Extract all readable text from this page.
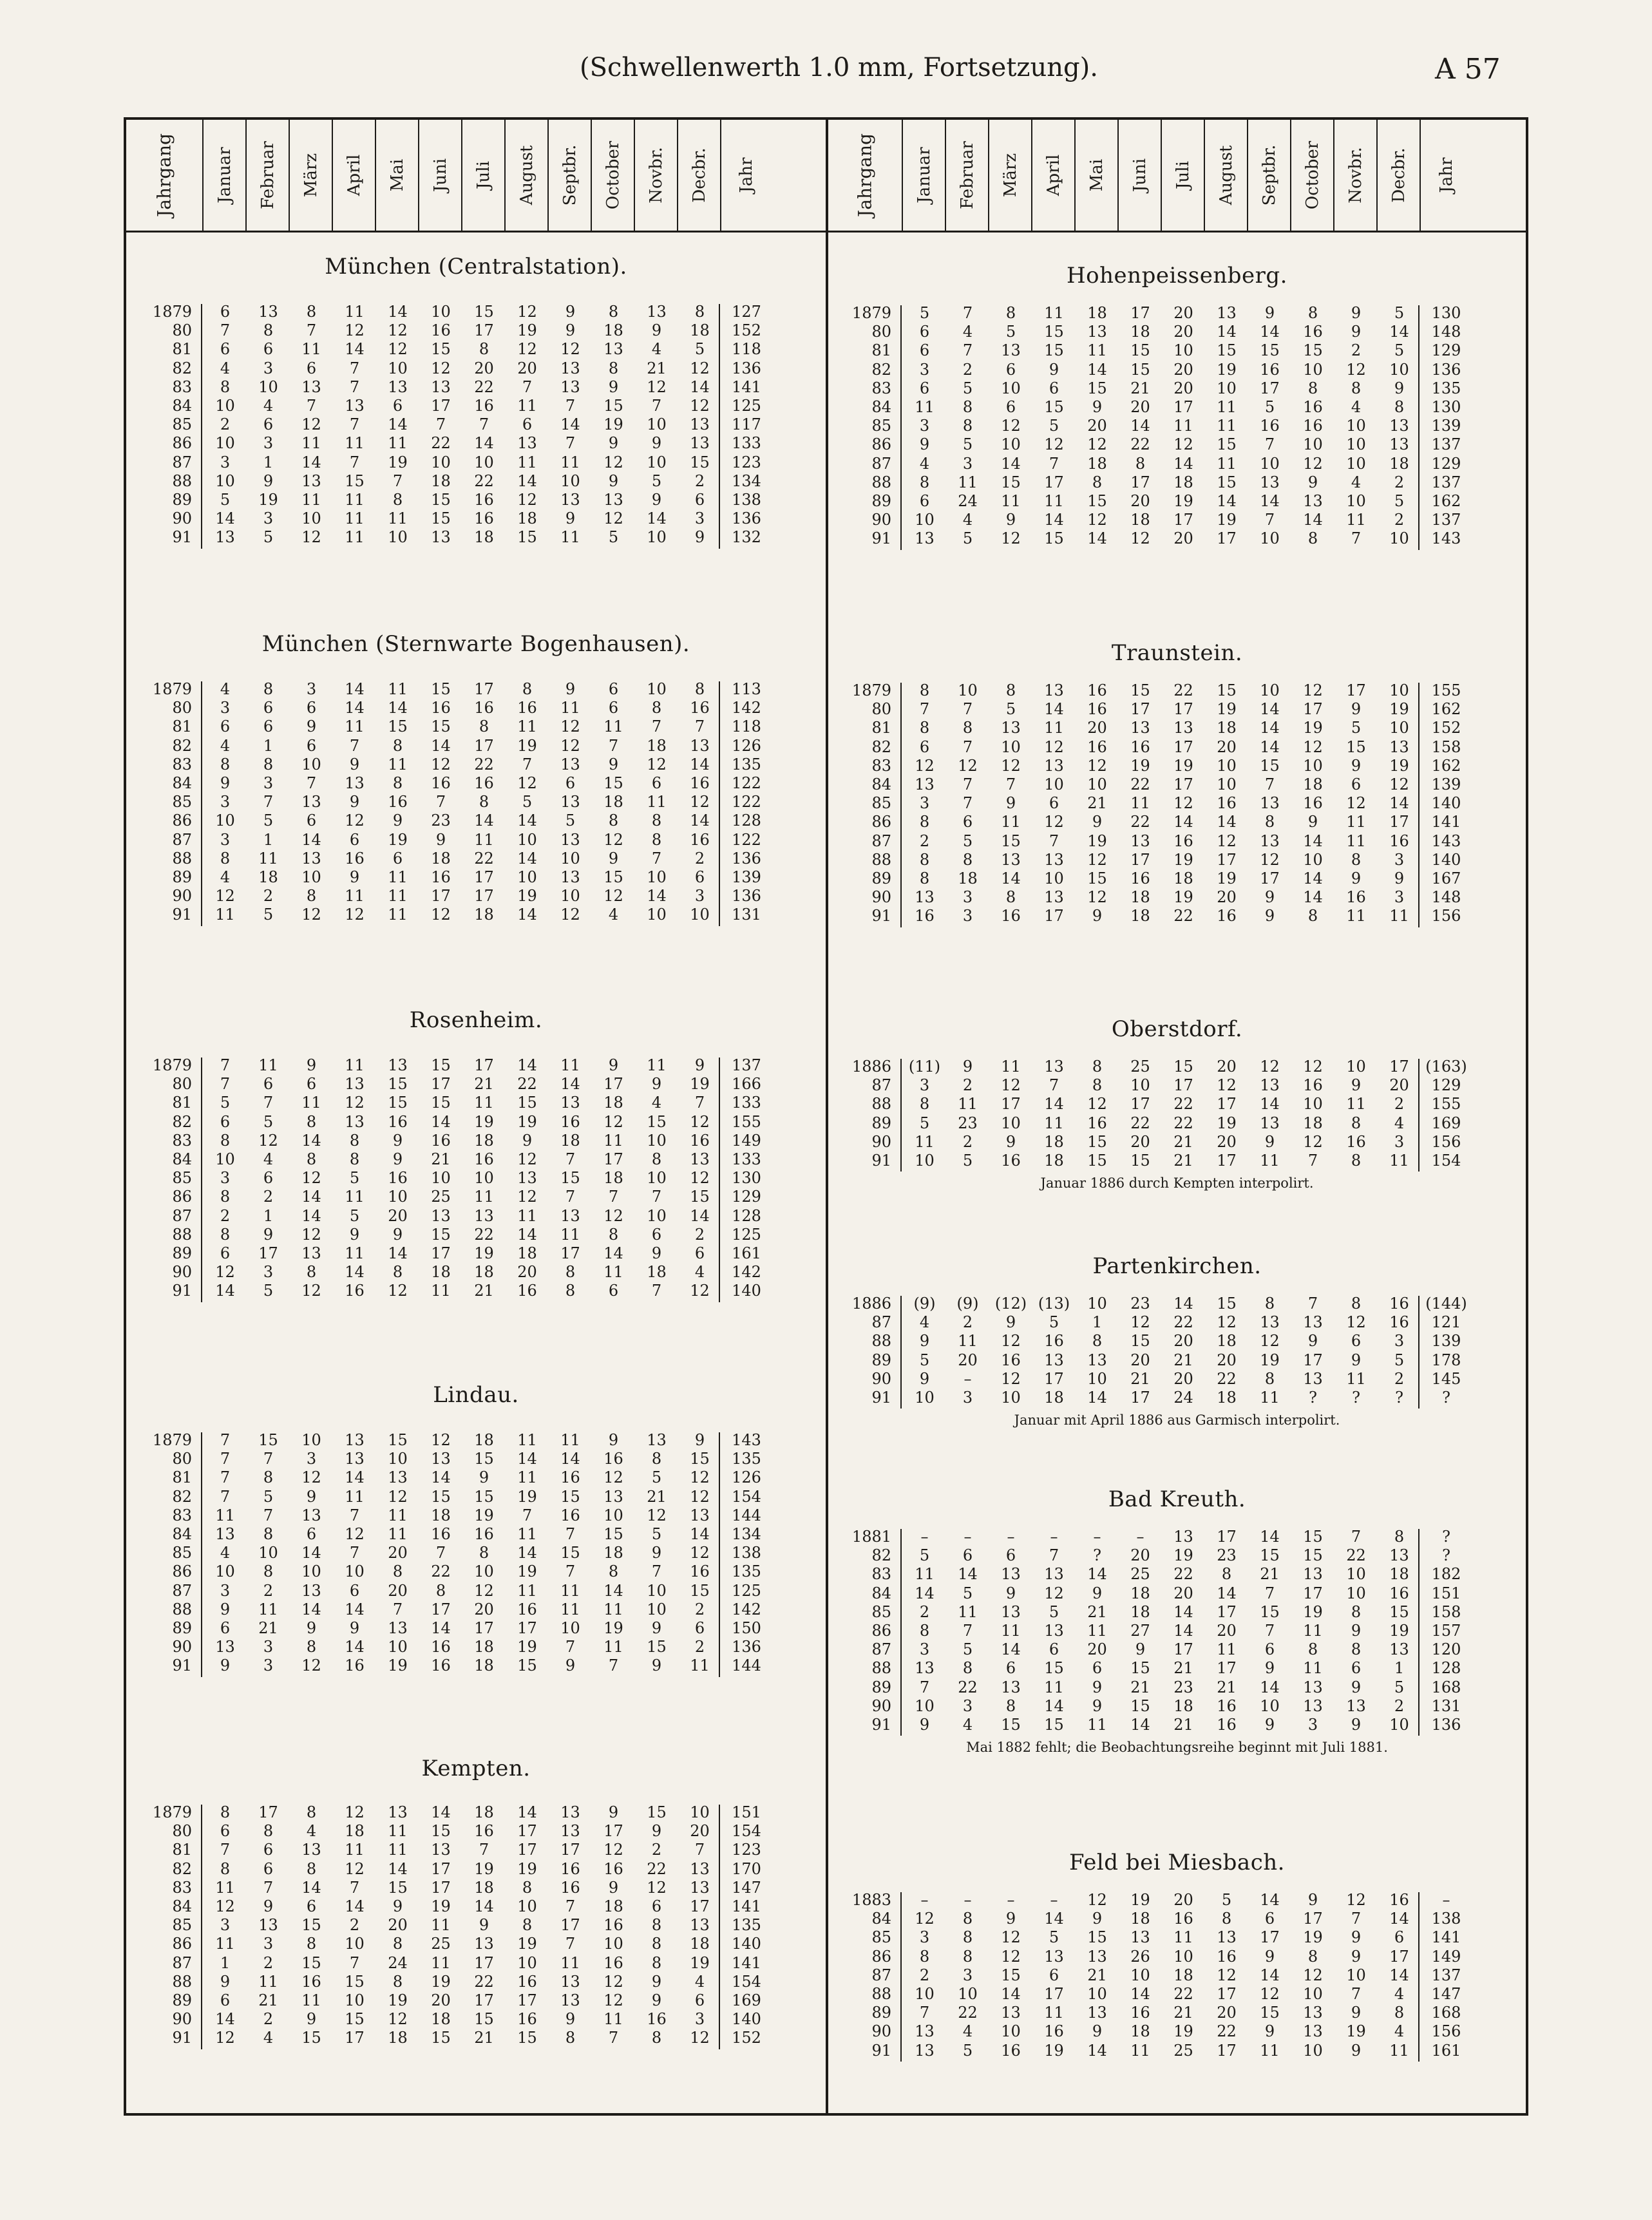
(Schwellenwerth 1.0 mm, Fortsetzung).	A 57
Jahrgang Januar Februar März April Mai Juni Juli August Septbr. October Novbr. Decbr. Jahr
München (Centralstation).
1879	6	13	8	11	14	10	15	12	9	8	13	8	127
80	7	8	7	12	12	16	17	19	9	18	9	18	152
81	6	6	11	14	12	15	8	12	12	13	4	5	118
82	4	3	6	7	10	12	20	20	13	8	21	12	136
83	8	10	13	7	13	13	22	7	13	9	12	14	141
84	10	4	7	13	6	17	16	11	7	15	7	12	125
85	2	6	12	7	14	7	7	6	14	19	10	13	117
86	10	3	11	11	11	22	14	13	7	9	9	13	133
87	3	1	14	7	19	10	10	11	11	12	10	15	123
88	10	9	13	15	7	18	22	14	10	9	5	2	134
89	5	19	11	11	8	15	16	12	13	13	9	6	138
90	14	3	10	11	11	15	16	18	9	12	14	3	136
91	13	5	12	11	10	13	18	15	11	5	10	9	132
München (Sternwarte Bogenhausen).
1879	4	8	3	14	11	15	17	8	9	6	10	8	113
80	3	6	6	14	14	16	16	16	11	6	8	16	142
81	6	6	9	11	15	15	8	11	12	11	7	7	118
82	4	1	6	7	8	14	17	19	12	7	18	13	126
83	8	8	10	9	11	12	22	7	13	9	12	14	135
84	9	3	7	13	8	16	16	12	6	15	6	16	122
85	3	7	13	9	16	7	8	5	13	18	11	12	122
86	10	5	6	12	9	23	14	14	5	8	8	14	128
87	3	1	14	6	19	9	11	10	13	12	8	16	122
88	8	11	13	16	6	18	22	14	10	9	7	2	136
89	4	18	10	9	11	16	17	10	13	15	10	6	139
90	12	2	8	11	11	17	17	19	10	12	14	3	136
91	11	5	12	12	11	12	18	14	12	4	10	10	131
Rosenheim.
1879	7	11	9	11	13	15	17	14	11	9	11	9	137
80	7	6	6	13	15	17	21	22	14	17	9	19	166
81	5	7	11	12	15	15	11	15	13	18	4	7	133
82	6	5	8	13	16	14	19	19	16	12	15	12	155
83	8	12	14	8	9	16	18	9	18	11	10	16	149
84	10	4	8	8	9	21	16	12	7	17	8	13	133
85	3	6	12	5	16	10	10	13	15	18	10	12	130
86	8	2	14	11	10	25	11	12	7	7	7	15	129
87	2	1	14	5	20	13	13	11	13	12	10	14	128
88	8	9	12	9	9	15	22	14	11	8	6	2	125
89	6	17	13	11	14	17	19	18	17	14	9	6	161
90	12	3	8	14	8	18	18	20	8	11	18	4	142
91	14	5	12	16	12	11	21	16	8	6	7	12	140
Lindau.
1879	7	15	10	13	15	12	18	11	11	9	13	9	143
80	7	7	3	13	10	13	15	14	14	16	8	15	135
81	7	8	12	14	13	14	9	11	16	12	5	12	126
82	7	5	9	11	12	15	15	19	15	13	21	12	154
83	11	7	13	7	11	18	19	7	16	10	12	13	144
84	13	8	6	12	11	16	16	11	7	15	5	14	134
85	4	10	14	7	20	7	8	14	15	18	9	12	138
86	10	8	10	10	8	22	10	19	7	8	7	16	135
87	3	2	13	6	20	8	12	11	11	14	10	15	125
88	9	11	14	14	7	17	20	16	11	11	10	2	142
89	6	21	9	9	13	14	17	17	10	19	9	6	150
90	13	3	8	14	10	16	18	19	7	11	15	2	136
91	9	3	12	16	19	16	18	15	9	7	9	11	144
Kempten.
1879	8	17	8	12	13	14	18	14	13	9	15	10	151
80	6	8	4	18	11	15	16	17	13	17	9	20	154
81	7	6	13	11	11	13	7	17	17	12	2	7	123
82	8	6	8	12	14	17	19	19	16	16	22	13	170
83	11	7	14	7	15	17	18	8	16	9	12	13	147
84	12	9	6	14	9	19	14	10	7	18	6	17	141
85	3	13	15	2	20	11	9	8	17	16	8	13	135
86	11	3	8	10	8	25	13	19	7	10	8	18	140
87	1	2	15	7	24	11	17	10	11	16	8	19	141
88	9	11	16	15	8	19	22	16	13	12	9	4	154
89	6	21	11	10	19	20	17	17	13	12	9	6	169
90	14	2	9	15	12	18	15	16	9	11	16	3	140
91	12	4	15	17	18	15	21	15	8	7	8	12	152
Jahrgang Januar Februar März April Mai Juni Juli August Septbr. October Novbr. Decbr. Jahr
Hohenpeissenberg.
1879	5	7	8	11	18	17	20	13	9	8	9	5	130
80	6	4	5	15	13	18	20	14	14	16	9	14	148
81	6	7	13	15	11	15	10	15	15	15	2	5	129
82	3	2	6	9	14	15	20	19	16	10	12	10	136
83	6	5	10	6	15	21	20	10	17	8	8	9	135
84	11	8	6	15	9	20	17	11	5	16	4	8	130
85	3	8	12	5	20	14	11	11	16	16	10	13	139
86	9	5	10	12	12	22	12	15	7	10	10	13	137
87	4	3	14	7	18	8	14	11	10	12	10	18	129
88	8	11	15	17	8	17	18	15	13	9	4	2	137
89	6	24	11	11	15	20	19	14	14	13	10	5	162
90	10	4	9	14	12	18	17	19	7	14	11	2	137
91	13	5	12	15	14	12	20	17	10	8	7	10	143
Traunstein.
1879	8	10	8	13	16	15	22	15	10	12	17	10	155
80	7	7	5	14	16	17	17	19	14	17	9	19	162
81	8	8	13	11	20	13	13	18	14	19	5	10	152
82	6	7	10	12	16	16	17	20	14	12	15	13	158
83	12	12	12	13	12	19	19	10	15	10	9	19	162
84	13	7	7	10	10	22	17	10	7	18	6	12	139
85	3	7	9	6	21	11	12	16	13	16	12	14	140
86	8	6	11	12	9	22	14	14	8	9	11	17	141
87	2	5	15	7	19	13	16	12	13	14	11	16	143
88	8	8	13	13	12	17	19	17	12	10	8	3	140
89	8	18	14	10	15	16	18	19	17	14	9	9	167
90	13	3	8	13	12	18	19	20	9	14	16	3	148
91	16	3	16	17	9	18	22	16	9	8	11	11	156
Oberstdorf.
1886	(11)	9	11	13	8	25	15	20	12	12	10	17	(163)
87	3	2	12	7	8	10	17	12	13	16	9	20	129
88	8	11	17	14	12	17	22	17	14	10	11	2	155
89	5	23	10	11	16	22	22	19	13	18	8	4	169
90	11	2	9	18	15	20	21	20	9	12	16	3	156
91	10	5	16	18	15	15	21	17	11	7	8	11	154
Januar 1886 durch Kempten interpolirt.
Partenkirchen.
1886	(9)	(9)	(12) (13)	10	23	14	15	8	7	8	16	(144)
87	4	2	9	5	1	12	22	12	13	13	12	16	121
88	9	11	12	16	8	15	20	18	12	9	6	3	139
89	5	20	16	13	13	20	21	20	19	17	9	5	178
90	9	–	12	17	10	21	20	22	8	13	11	2	145
91	10	3	10	18	14	17	24	18	11	?	?	?	?
Januar mit April 1886 aus Garmisch interpolirt.
Bad Kreuth.
1881	–	–	–	–	–	–	13	17	14	15	7	8	?
82	5	6	6	7	?	20	19	23	15	15	22	13	?
83	11	14	13	13	14	25	22	8	21	13	10	18	182
84	14	5	9	12	9	18	20	14	7	17	10	16	151
85	2	11	13	5	21	18	14	17	15	19	8	15	158
86	8	7	11	13	11	27	14	20	7	11	9	19	157
87	3	5	14	6	20	9	17	11	6	8	8	13	120
88	13	8	6	15	6	15	21	17	9	11	6	1	128
89	7	22	13	11	9	21	23	21	14	13	9	5	168
90	10	3	8	14	9	15	18	16	10	13	13	2	131
91	9	4	15	15	11	14	21	16	9	3	9	10	136
Mai 1882 fehlt; die Beobachtungsreihe beginnt mit Juli 1881.
Feld bei Miesbach.
1883	–	–	–	–	12	19	20	5	14	9	12	16	–
84	12	8	9	14	9	18	16	8	6	17	7	14	138
85	3	8	12	5	15	13	11	13	17	19	9	6	141
86	8	8	12	13	13	26	10	16	9	8	9	17	149
87	2	3	15	6	21	10	18	12	14	12	10	14	137
88	10	10	14	17	10	14	22	17	12	10	7	4	147
89	7	22	13	11	13	16	21	20	15	13	9	8	168
90	13	4	10	16	9	18	19	22	9	13	19	4	156
91	13	5	16	19	14	11	25	17	11	10	9	11	161
